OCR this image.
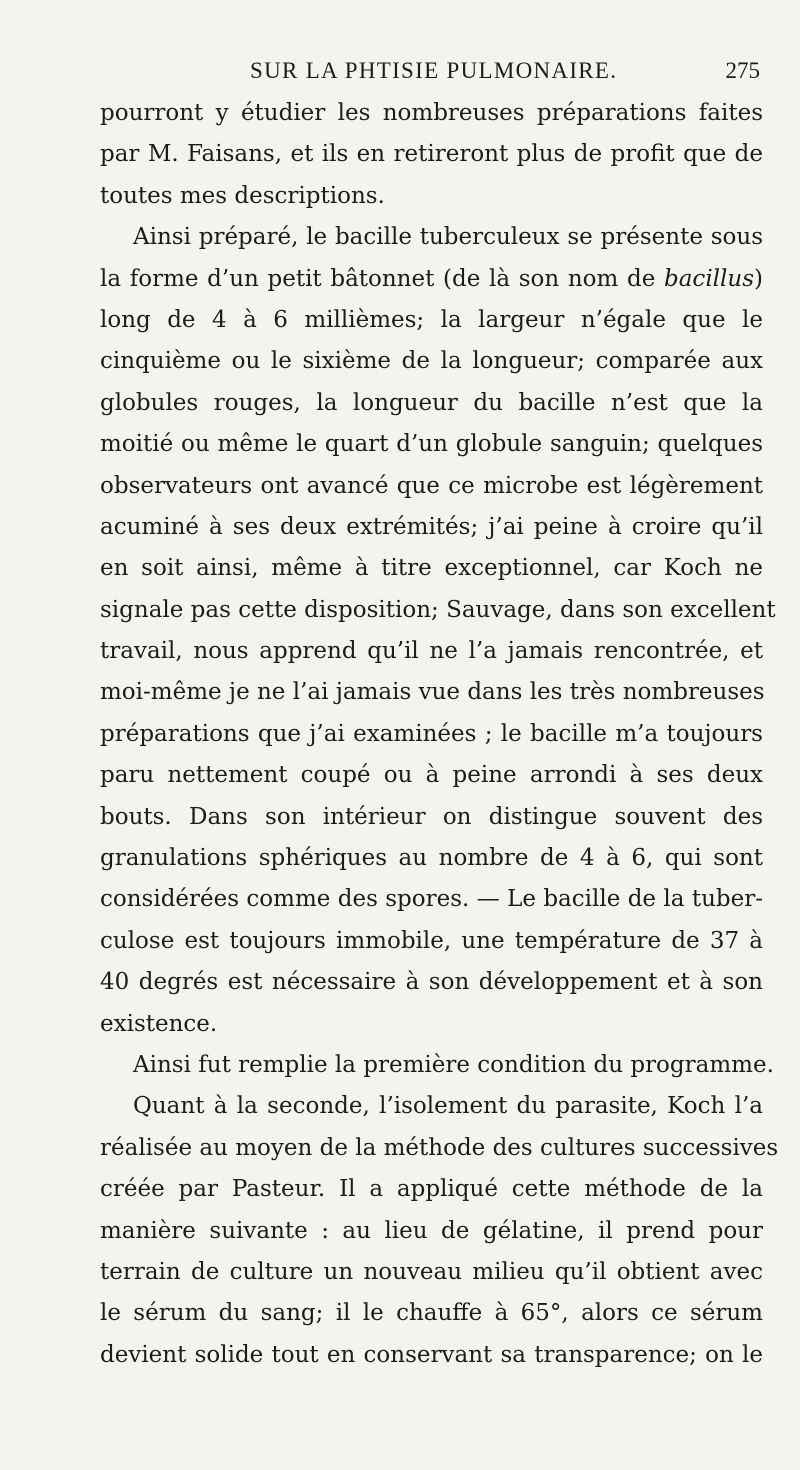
SUR LA PHTISIE PULMONAIRE.	275
pourront y étudier les nombreuses préparations faites
par M. Faisans, et ils en retireront plus de profit que de
toutes mes descriptions.
Ainsi préparé, le bacille tuberculeux se présente sous
la forme d’un petit bâtonnet (de là son nom de bacillus)
long de 4 à 6 millièmes; la largeur n’égale que le
cinquième ou le sixième de la longueur; comparée aux
globules rouges, la longueur du bacille n’est que la
moitié ou même le quart d’un globule sanguin; quelques
observateurs ont avancé que ce microbe est légèrement
acuminé à ses deux extrémités; j’ai peine à croire qu’il
en soit ainsi, même à titre exceptionnel, car Koch ne
signale pas cette disposition; Sauvage, dans son excellent
travail, nous apprend qu’il ne l’a jamais rencontrée, et
moi-même je ne l’ai jamais vue dans les très nombreuses
préparations que j’ai examinées ; le bacille m’a toujours
paru nettement coupé ou à peine arrondi à ses deux
bouts. Dans son intérieur on distingue souvent des
granulations sphériques au nombre de 4 à 6, qui sont
considérées comme des spores. — Le bacille de la tuber-
culose est toujours immobile, une température de 37 à
40 degrés est nécessaire à son développement et à son
existence.
Ainsi fut remplie la première condition du programme.
Quant à la seconde, l’isolement du parasite, Koch l’a
réalisée au moyen de la méthode des cultures successives
créée par Pasteur. Il a appliqué cette méthode de la
manière suivante : au lieu de gélatine, il prend pour
terrain de culture un nouveau milieu qu’il obtient avec
le sérum du sang; il le chauffe à 65°, alors ce sérum
devient solide tout en conservant sa transparence; on le
